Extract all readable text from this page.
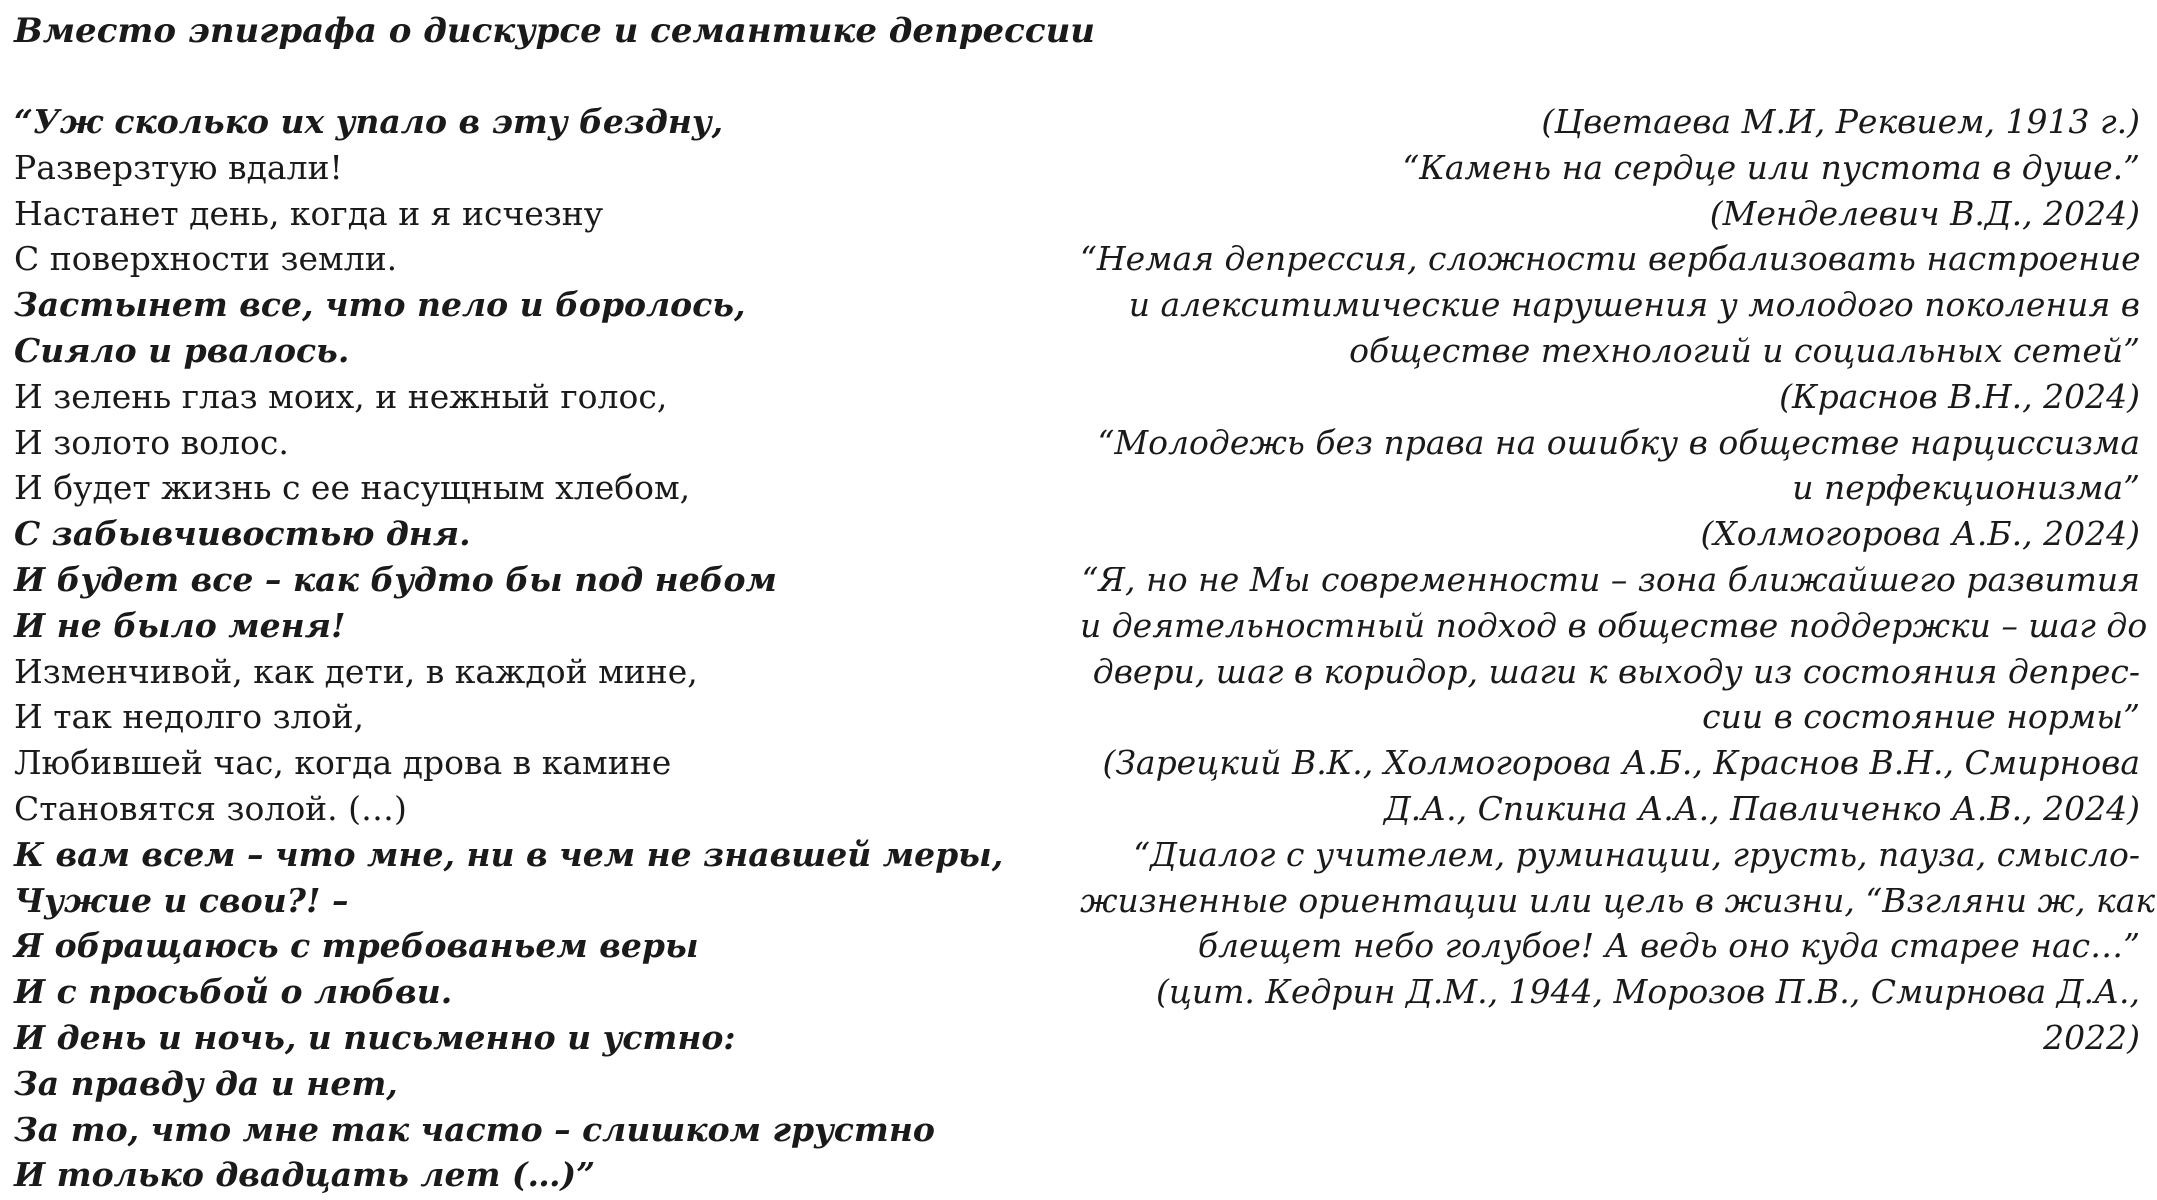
Вместо эпиграфа о дискурсе и семантике депрессии
“Уж сколько их упало в эту бездну,
Разверзтую вдали!
Настанет день, когда и я исчезну
С поверхности земли.
Застынет все, что пело и боролось,
Сияло и рвалось.
И зелень глаз моих, и нежный голос,
И золото волос.
И будет жизнь с ее насущным хлебом,
С забывчивостью дня.
И будет все – как будто бы под небом
И не было меня!
Изменчивой, как дети, в каждой мине,
И так недолго злой,
Любившей час, когда дрова в камине
Становятся золой. (…)
К вам всем – что мне, ни в чем не знавшей меры,
Чужие и свои?! –
Я обращаюсь с требованьем веры
И с просьбой о любви.
И день и ночь, и письменно и устно:
За правду да и нет,
За то, что мне так часто – слишком грустно
И только двадцать лет (…)”
(Цветаева М.И, Реквием, 1913 г.)
“Камень на сердце или пустота в душе.”
(Менделевич В.Д., 2024)
“Немая депрессия, сложности вербализовать настроение
и алекситимические нарушения у молодого поколения в
обществе технологий и социальных сетей”
(Краснов В.Н., 2024)
“Молодежь без права на ошибку в обществе нарциссизма
и перфекционизма”
(Холмогорова А.Б., 2024)
“Я, но не Мы современности – зона ближайшего развития
и деятельностный подход в обществе поддержки – шаг до
двери, шаг в коридор, шаги к выходу из состояния депрес-
сии в состояние нормы”
(Зарецкий В.К., Холмогорова А.Б., Краснов В.Н., Смирнова
Д.А., Спикина А.А., Павличенко А.В., 2024)
“Диалог с учителем, руминации, грусть, пауза, смысло-
жизненные ориентации или цель в жизни, “Взгляни ж, как
блещет небо голубое! А ведь оно куда старее нас…”
(цит. Кедрин Д.М., 1944, Морозов П.В., Смирнова Д.А.,
2022)
